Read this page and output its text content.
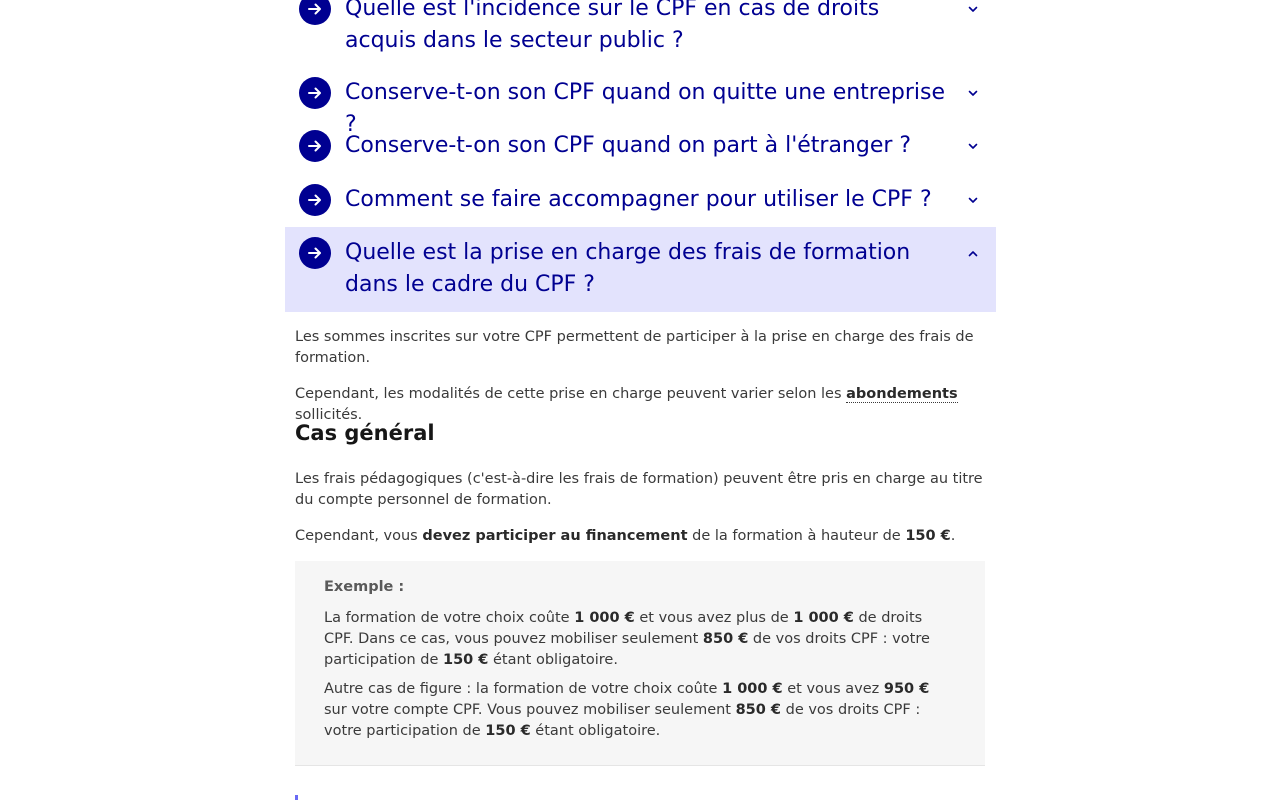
Quelle est l'incidence sur le CPF en cas de droits acquis dans le secteur public ?
Conserve-t-on son CPF quand on quitte une entreprise ?
Conserve-t-on son CPF quand on part à l'étranger ?
Comment se faire accompagner pour utiliser le CPF ?
Quelle est la prise en charge des frais de formation dans le cadre du CPF ?

Les sommes inscrites sur votre CPF permettent de participer à la prise en charge des frais de formation.

Cependant, les modalités de cette prise en charge peuvent varier selon les abondements sollicités.

Cas général

Les frais pédagogiques (c'est-à-dire les frais de formation) peuvent être pris en charge au titre du compte personnel de formation.

Cependant, vous devez participer au financement de la formation à hauteur de 150 €.

Exemple :

La formation de votre choix coûte 1 000 € et vous avez plus de 1 000 € de droits CPF. Dans ce cas, vous pouvez mobiliser seulement 850 € de vos droits CPF : votre participation de 150 € étant obligatoire.

Autre cas de figure : la formation de votre choix coûte 1 000 € et vous avez 950 € sur votre compte CPF. Vous pouvez mobiliser seulement 850 € de vos droits CPF : votre participation de 150 € étant obligatoire.
